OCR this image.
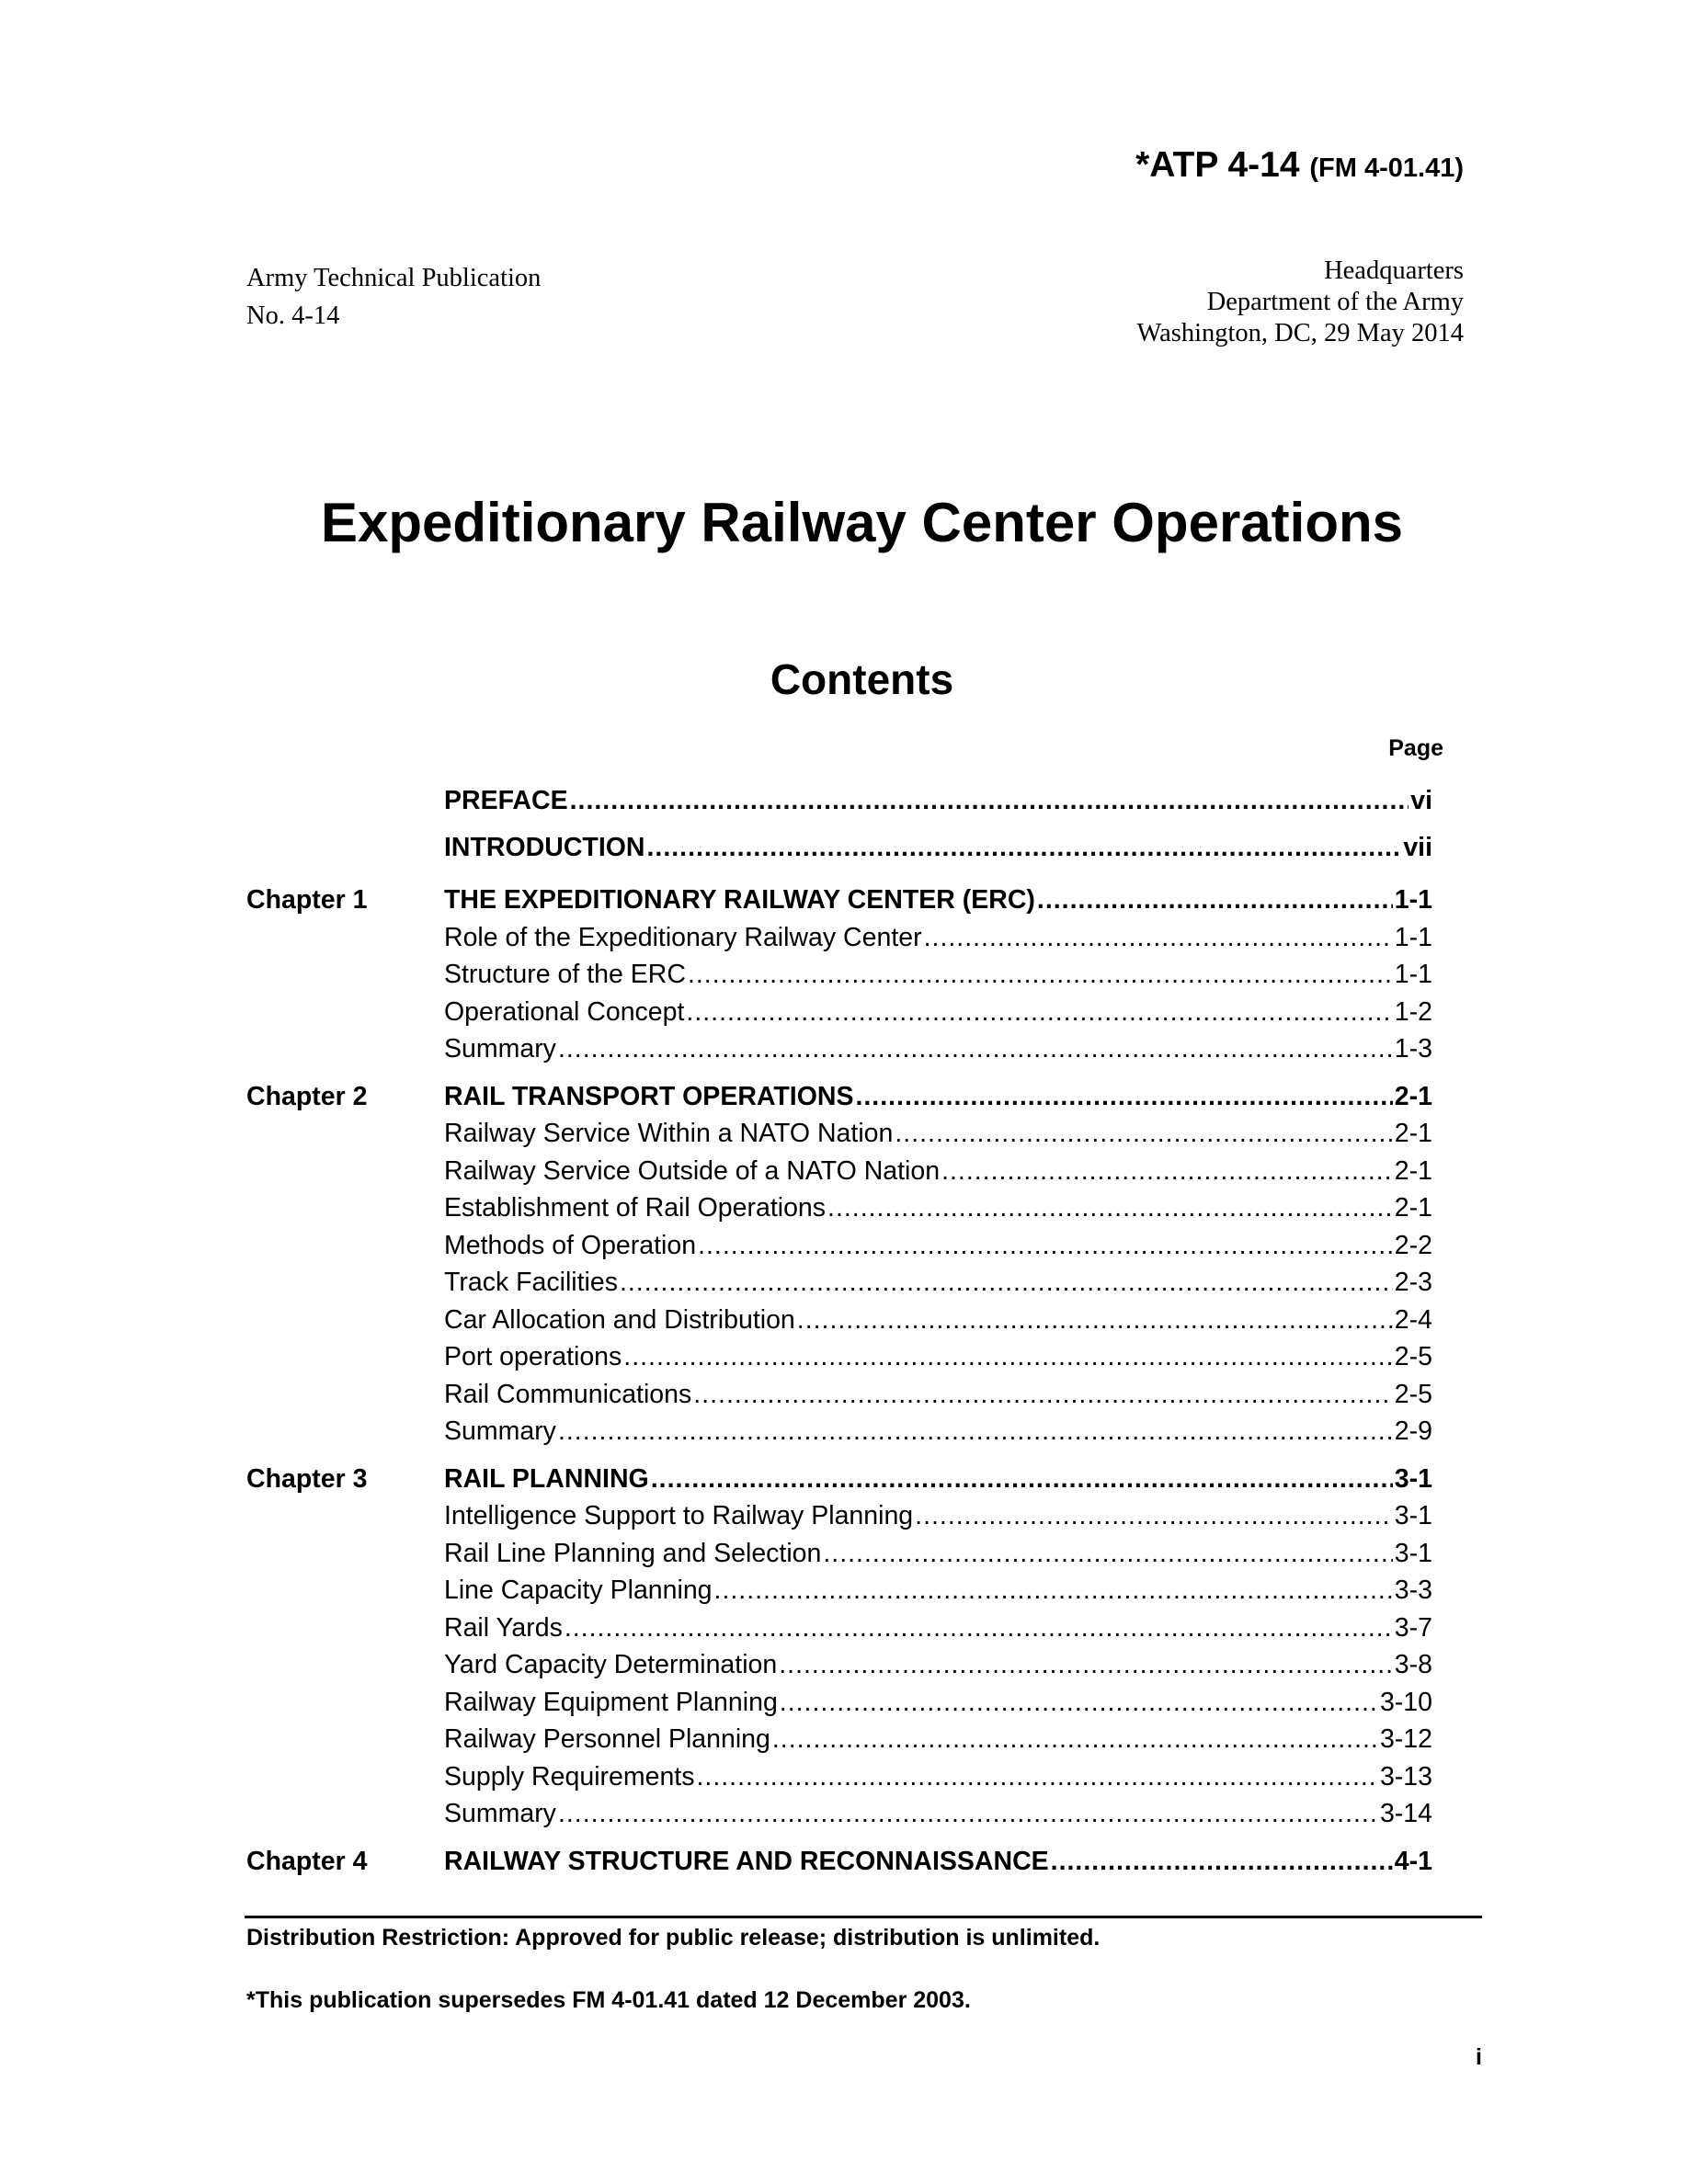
*ATP 4-14 (FM 4-01.41)
Army Technical Publication
No. 4-14
Headquarters
Department of the Army
Washington, DC, 29 May 2014
Expeditionary Railway Center Operations
Contents
Page
PREFACE .....	vi
INTRODUCTION .....	vii
Chapter 1	THE EXPEDITIONARY RAILWAY CENTER (ERC) .....	1-1
Role of the Expeditionary Railway Center .....	1-1
Structure of the ERC .....	1-1
Operational Concept .....	1-2
Summary .....	1-3
Chapter 2	RAIL TRANSPORT OPERATIONS .....	2-1
Railway Service Within a NATO Nation .....	2-1
Railway Service Outside of a NATO Nation .....	2-1
Establishment of Rail Operations .....	2-1
Methods of Operation .....	2-2
Track Facilities .....	2-3
Car Allocation and Distribution .....	2-4
Port operations .....	2-5
Rail Communications .....	2-5
Summary .....	2-9
Chapter 3	RAIL PLANNING .....	3-1
Intelligence Support to Railway Planning .....	3-1
Rail Line Planning and Selection .....	3-1
Line Capacity Planning .....	3-3
Rail Yards .....	3-7
Yard Capacity Determination .....	3-8
Railway Equipment Planning .....	3-10
Railway Personnel Planning .....	3-12
Supply Requirements .....	3-13
Summary .....	3-14
Chapter 4	RAILWAY STRUCTURE AND RECONNAISSANCE .....	4-1
Distribution Restriction: Approved for public release; distribution is unlimited.
*This publication supersedes FM 4-01.41 dated 12 December 2003.
i
